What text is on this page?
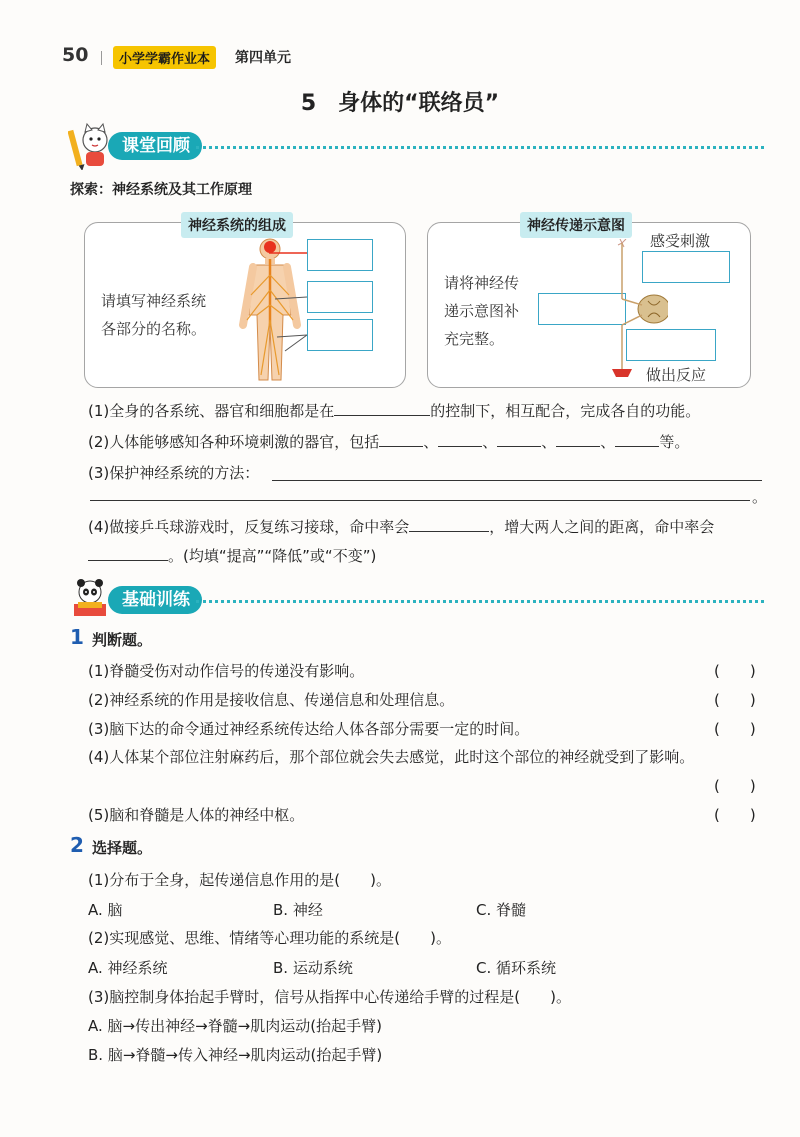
50	小学学霸作业本	第四单元
5　身体的“联络员”
课堂回顾
探索：神经系统及其工作原理
神经系统的组成
请填写神经系统
各部分的名称。
神经传递示意图
感受刺激
请将神经传
递示意图补
充完整。
做出反应
(1)全身的各系统、器官和细胞都是在	的控制下，相互配合，完成各自的功能。
(2)人体能够感知各种环境刺激的器官，包括	、	、	、	、	等。
(3)保护神经系统的方法：
。
(4)做接乒乓球游戏时，反复练习接球，命中率会	，增大两人之间的距离，命中率会
。(均填“提高”“降低”或“不变”)
基础训练
1 判断题。
(1)脊髓受伤对动作信号的传递没有影响。	(　　)
(2)神经系统的作用是接收信息、传递信息和处理信息。	(　　)
(3)脑下达的命令通过神经系统传达给人体各部分需要一定的时间。	(　　)
(4)人体某个部位注射麻药后，那个部位就会失去感觉，此时这个部位的神经就受到了影响。
(　　)
(5)脑和脊髓是人体的神经中枢。	(　　)
2 选择题。
(1)分布于全身，起传递信息作用的是(　　)。
A. 脑	B. 神经	C. 脊髓
(2)实现感觉、思维、情绪等心理功能的系统是(　　)。
A. 神经系统	B. 运动系统	C. 循环系统
(3)脑控制身体抬起手臂时，信号从指挥中心传递给手臂的过程是(　　)。
A. 脑→传出神经→脊髓→肌肉运动(抬起手臂)
B. 脑→脊髓→传入神经→肌肉运动(抬起手臂)
